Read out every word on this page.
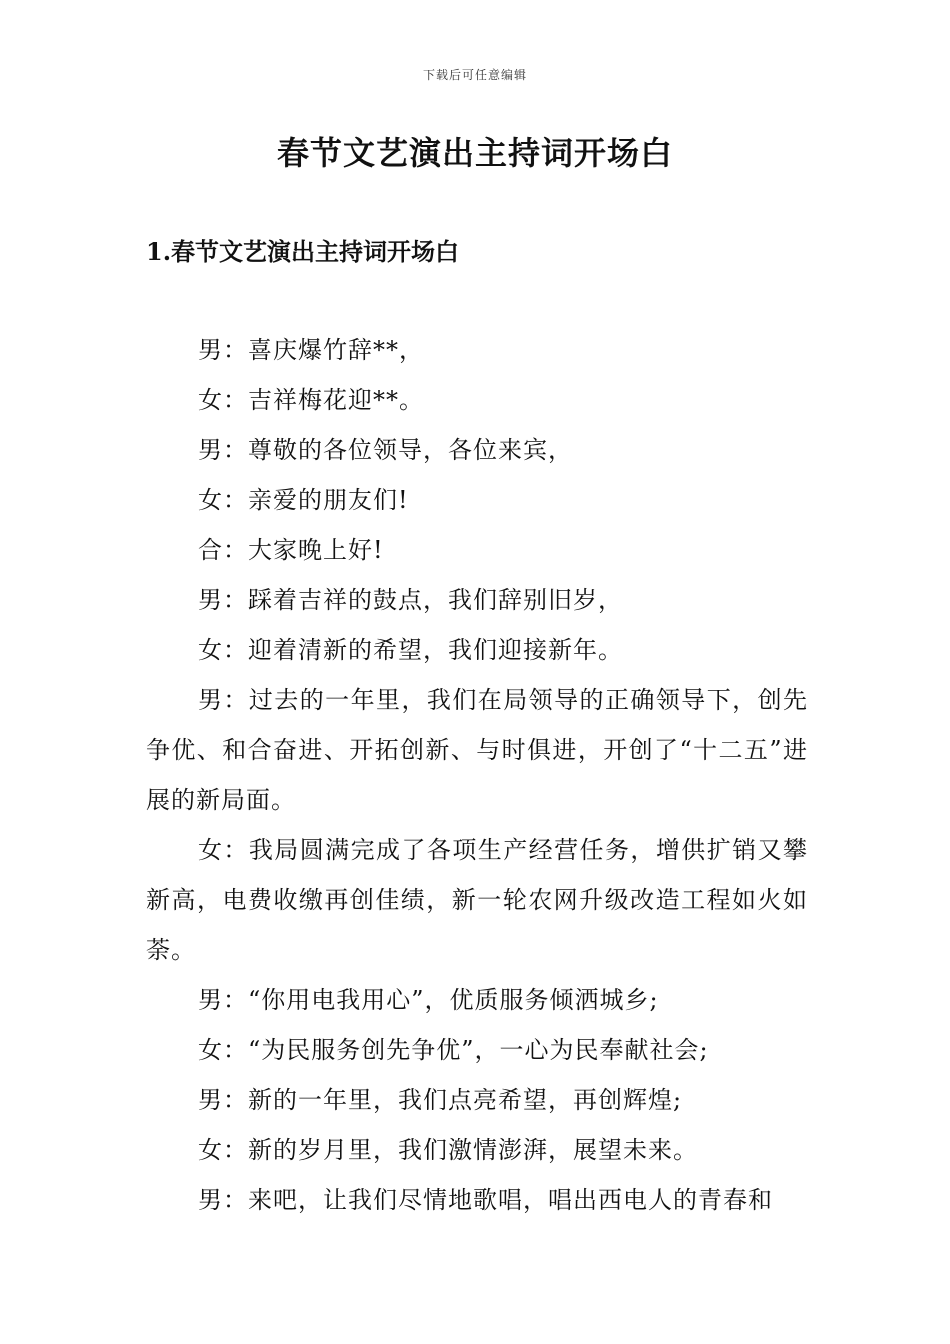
下载后可任意编辑
春节文艺演出主持词开场白
1.春节文艺演出主持词开场白

男：喜庆爆竹辞**，

女：吉祥梅花迎**。

男：尊敬的各位领导，各位来宾，

女：亲爱的朋友们!

合：大家晚上好!

男：踩着吉祥的鼓点，我们辞别旧岁，

女：迎着清新的希望，我们迎接新年。

男：过去的一年里，我们在局领导的正确领导下，创先争优、和合奋进、开拓创新、与时俱进，开创了“十二五”进展的新局面。

女：我局圆满完成了各项生产经营任务，增供扩销又攀新高，电费收缴再创佳绩，新一轮农网升级改造工程如火如荼。

男：“你用电我用心”，优质服务倾洒城乡;

女：“为民服务创先争优”，一心为民奉献社会;

男：新的一年里，我们点亮希望，再创辉煌;

女：新的岁月里，我们激情澎湃，展望未来。

男：来吧，让我们尽情地歌唱，唱出西电人的青春和
